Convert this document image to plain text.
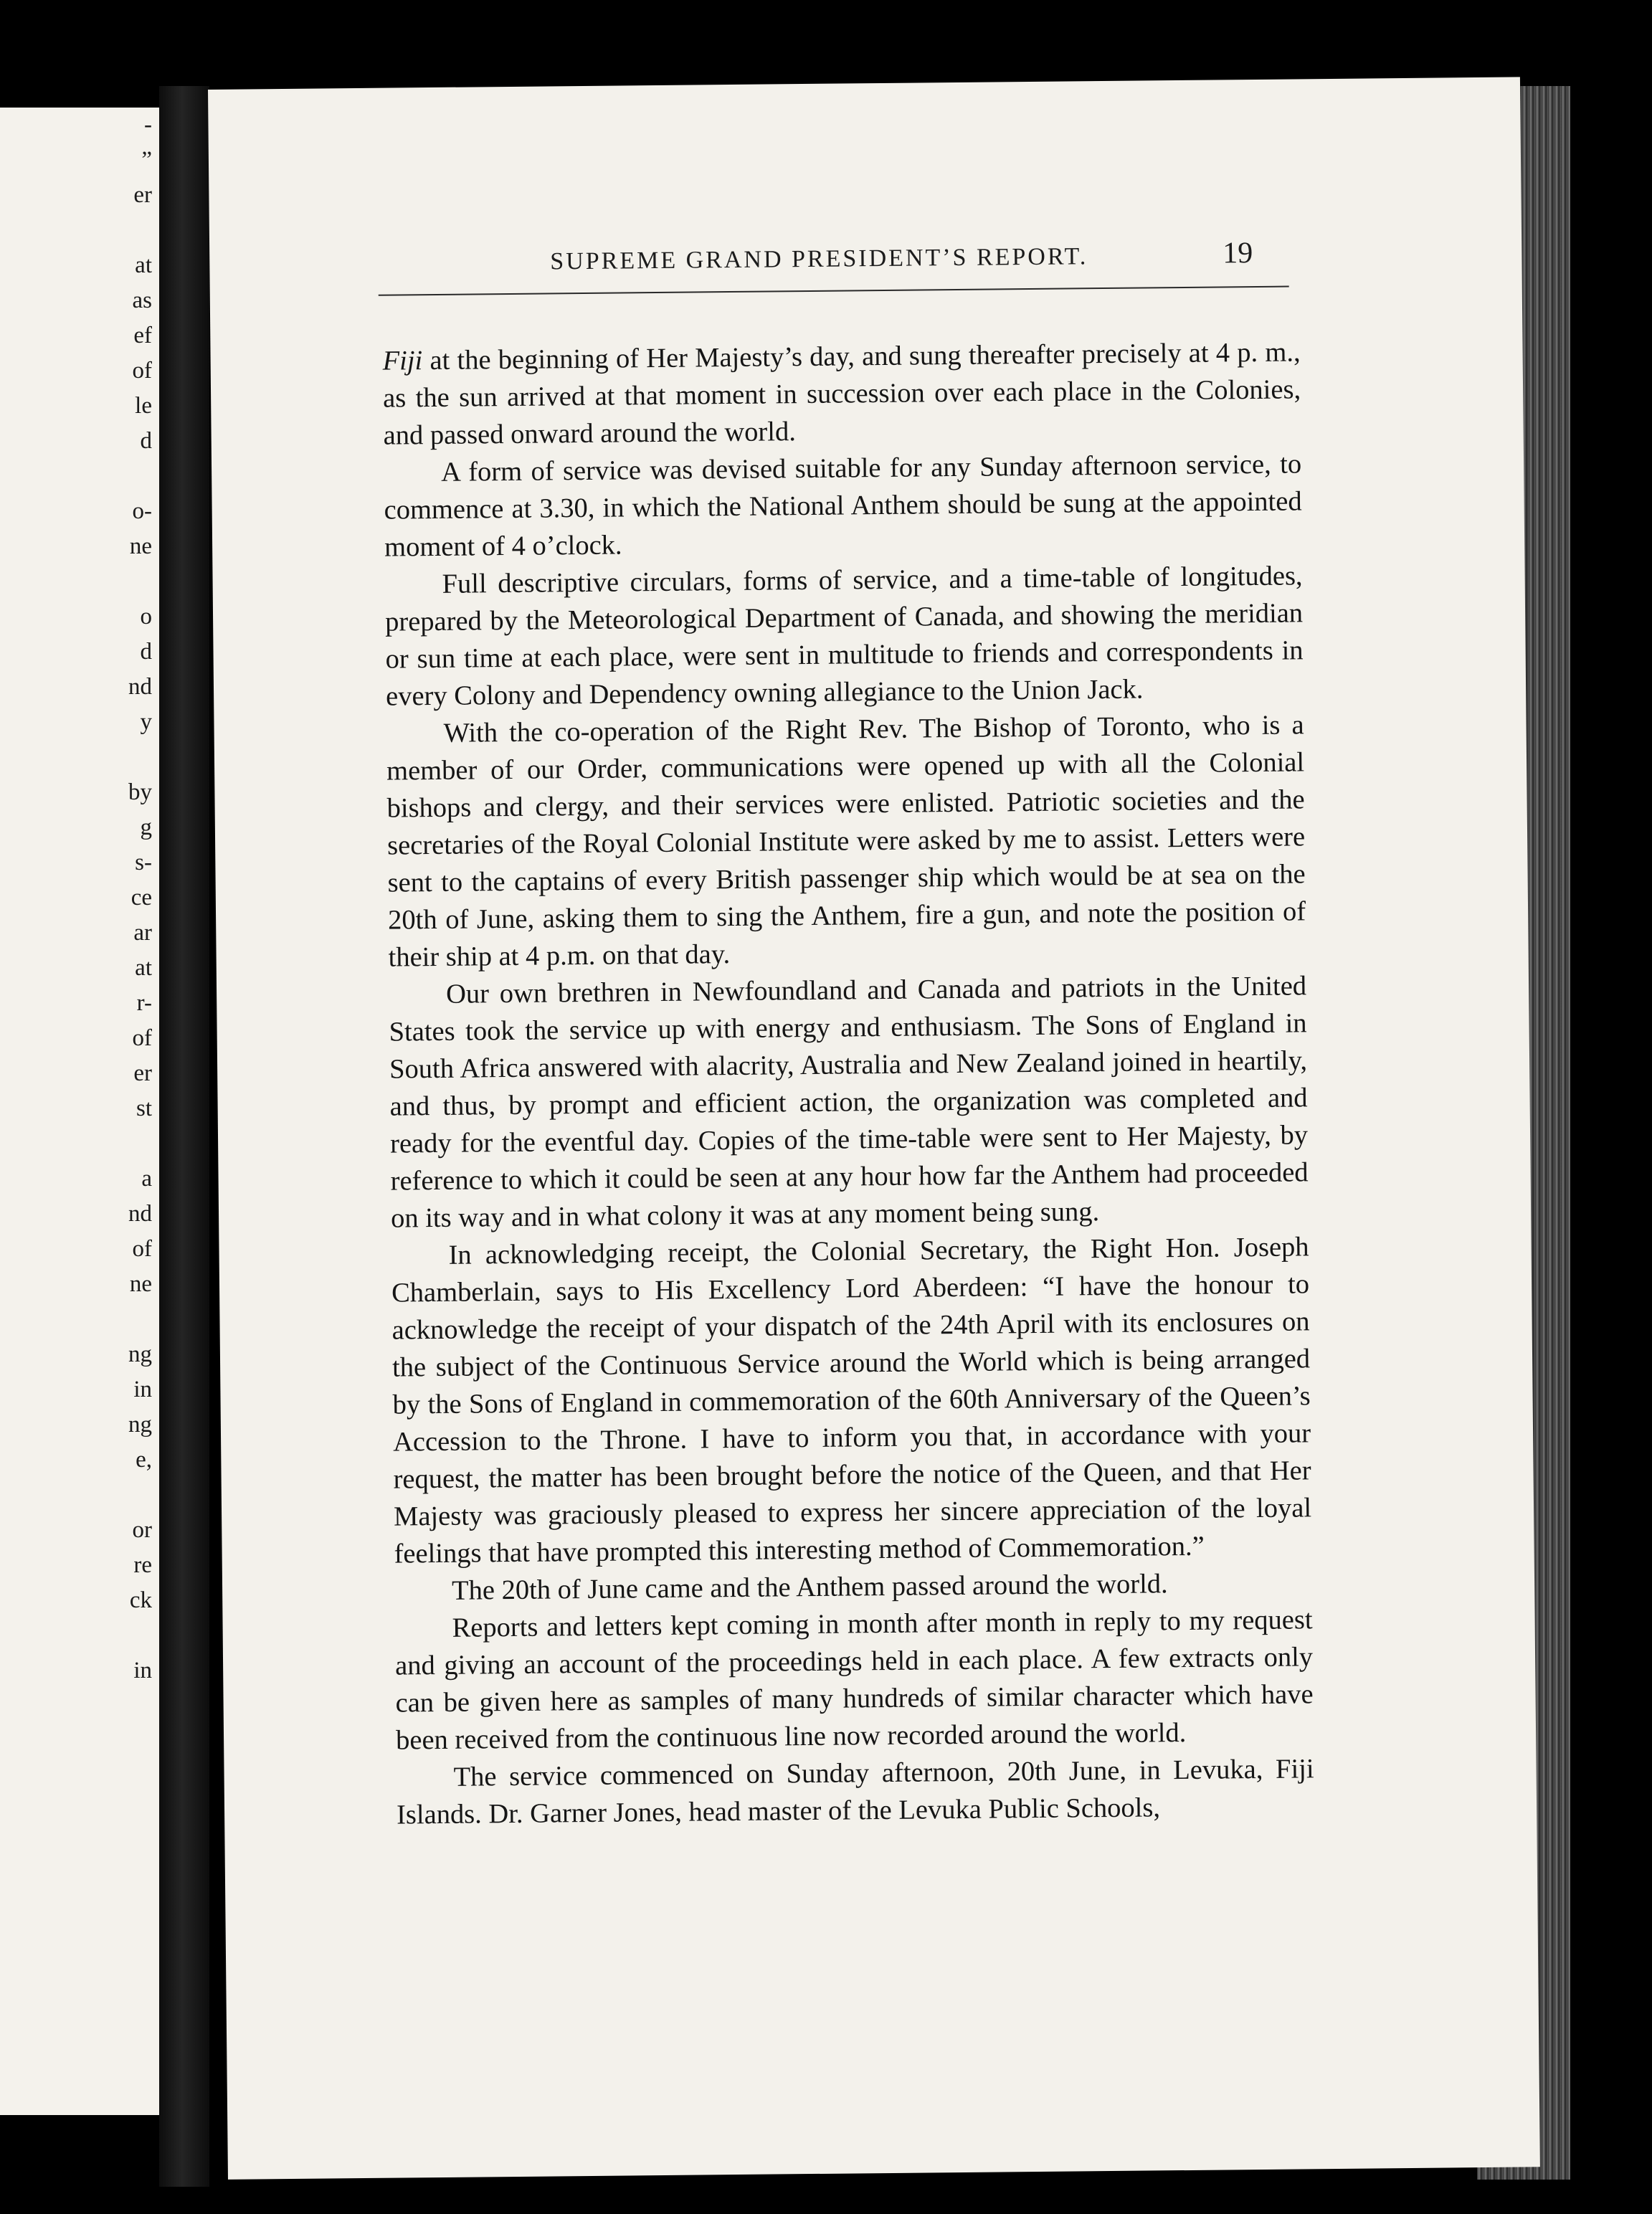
-
”
er
at
as
ef
of
le
d
o-
ne
o
d
nd
y
by
g
s-
ce
ar
at
r-
of
er
st
a
nd
of
ne
ng
in
ng
e,
or
re
ck
in
SUPREME GRAND PRESIDENT’S REPORT.	19

Fiji at the beginning of Her Majesty’s day, and sung thereafter precisely at 4 p. m., as the sun arrived at that moment in succession over each place in the Colonies, and passed onward around the world.

A form of service was devised suitable for any Sunday afternoon service, to commence at 3.30, in which the National Anthem should be sung at the appointed moment of 4 o’clock.

Full descriptive circulars, forms of service, and a time-table of longitudes, prepared by the Meteorological Department of Canada, and showing the meridian or sun time at each place, were sent in multitude to friends and correspondents in every Colony and Dependency owning allegiance to the Union Jack.

With the co-operation of the Right Rev. The Bishop of Toronto, who is a member of our Order, communications were opened up with all the Colonial bishops and clergy, and their services were enlisted. Patriotic societies and the secretaries of the Royal Colonial Institute were asked by me to assist. Letters were sent to the captains of every British passenger ship which would be at sea on the 20th of June, asking them to sing the Anthem, fire a gun, and note the position of their ship at 4 p.m. on that day.

Our own brethren in Newfoundland and Canada and patriots in the United States took the service up with energy and enthusiasm. The Sons of England in South Africa answered with alacrity, Australia and New Zealand joined in heartily, and thus, by prompt and efficient action, the organization was completed and ready for the eventful day. Copies of the time-table were sent to Her Majesty, by reference to which it could be seen at any hour how far the Anthem had proceeded on its way and in what colony it was at any moment being sung.

In acknowledging receipt, the Colonial Secretary, the Right Hon. Joseph Chamberlain, says to His Excellency Lord Aberdeen: “I have the honour to acknowledge the receipt of your dispatch of the 24th April with its enclosures on the subject of the Continuous Service around the World which is being arranged by the Sons of England in commemoration of the 60th Anniversary of the Queen’s Accession to the Throne. I have to inform you that, in accordance with your request, the matter has been brought before the notice of the Queen, and that Her Majesty was graciously pleased to express her sincere appreciation of the loyal feelings that have prompted this interesting method of Commemoration.”

The 20th of June came and the Anthem passed around the world.

Reports and letters kept coming in month after month in reply to my request and giving an account of the proceedings held in each place. A few extracts only can be given here as samples of many hundreds of similar character which have been received from the continuous line now recorded around the world.

The service commenced on Sunday afternoon, 20th June, in Levuka, Fiji Islands. Dr. Garner Jones, head master of the Levuka Public Schools,
